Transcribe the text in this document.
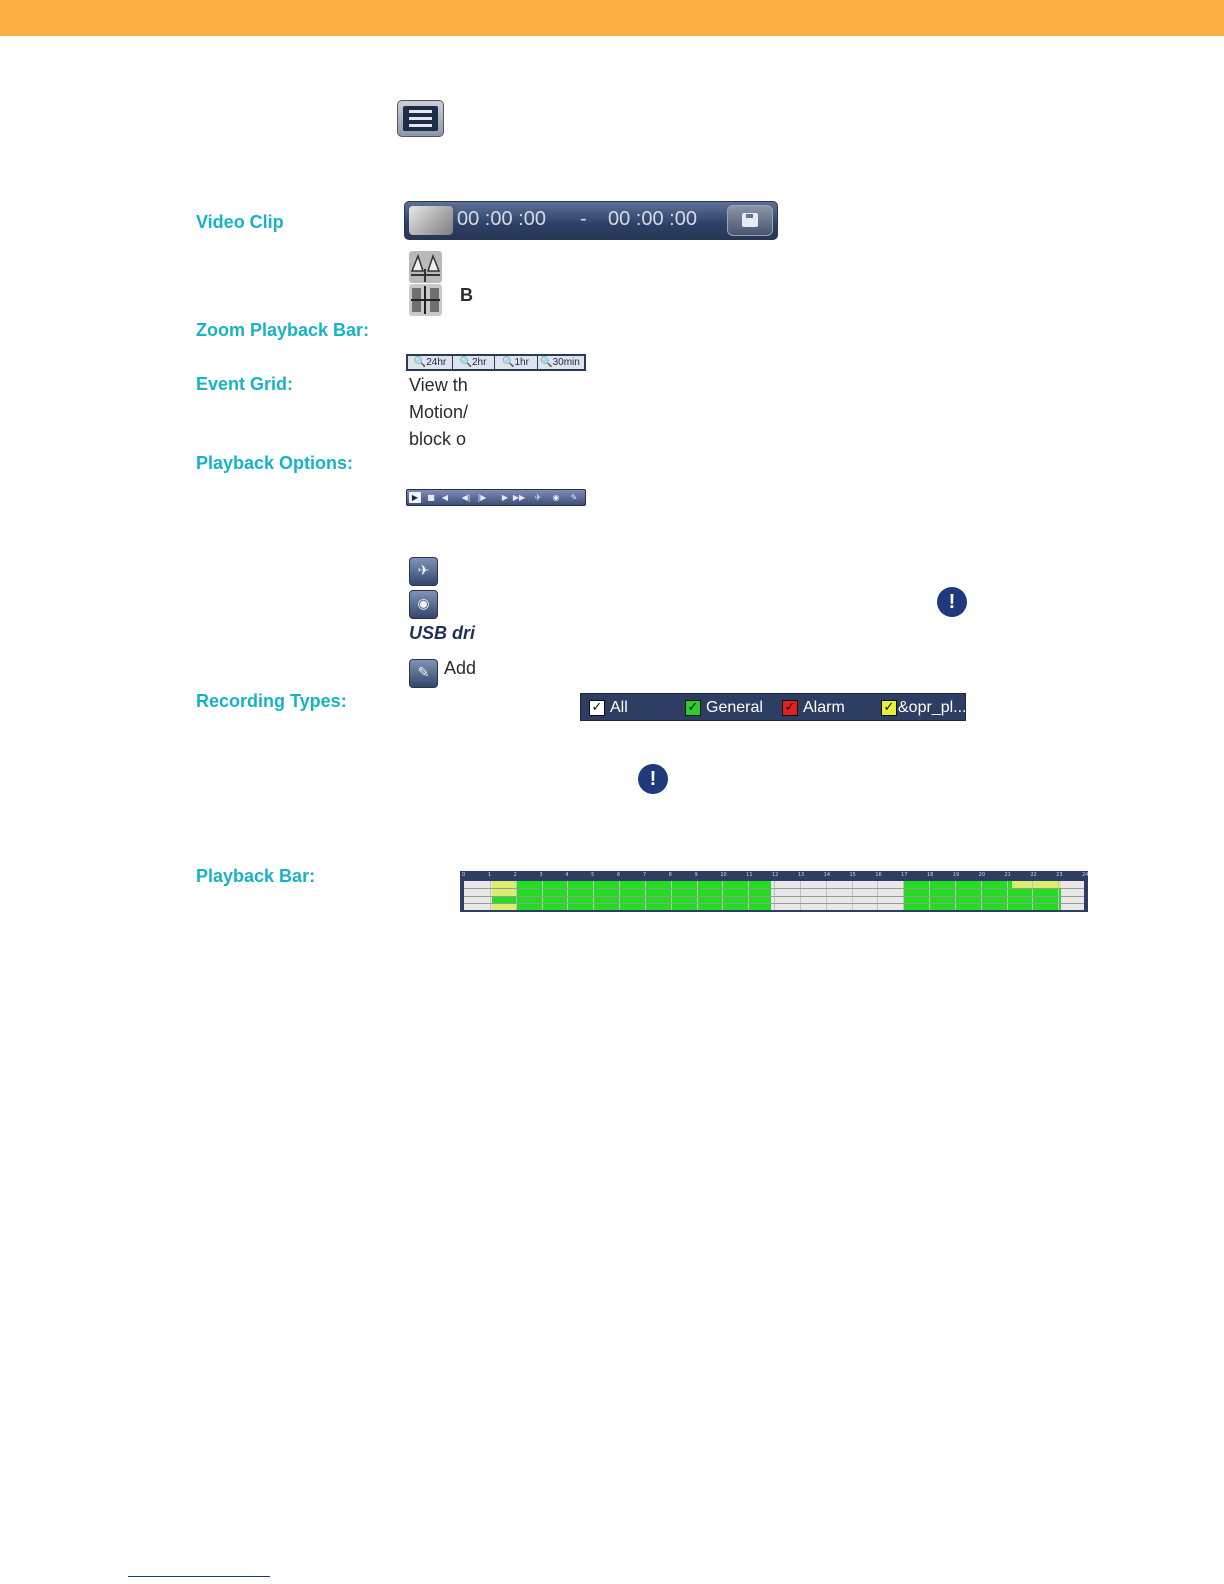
Video Clip	00 :00 :00 - 00 :00 :00
B
Zoom Playback Bar:
🔍24hr	🔍2hr	🔍1hr	🔍30min
Event Grid:	View th
Motion/
block o
Playback Options:
▶	■ ◀	◀| |▶	▶ ▶▶	✈	◉	✎
✈
◉	!
USB dri
✎ Add
Recording Types:	✓ All	✓ General ✓ Alarm	✓ &opr_pl...
!
Playback Bar:	0	1	2	3	4	5	6	7	8	9	10	11	12	13	14	15	16	17	18	19	20	21	22	23	24
